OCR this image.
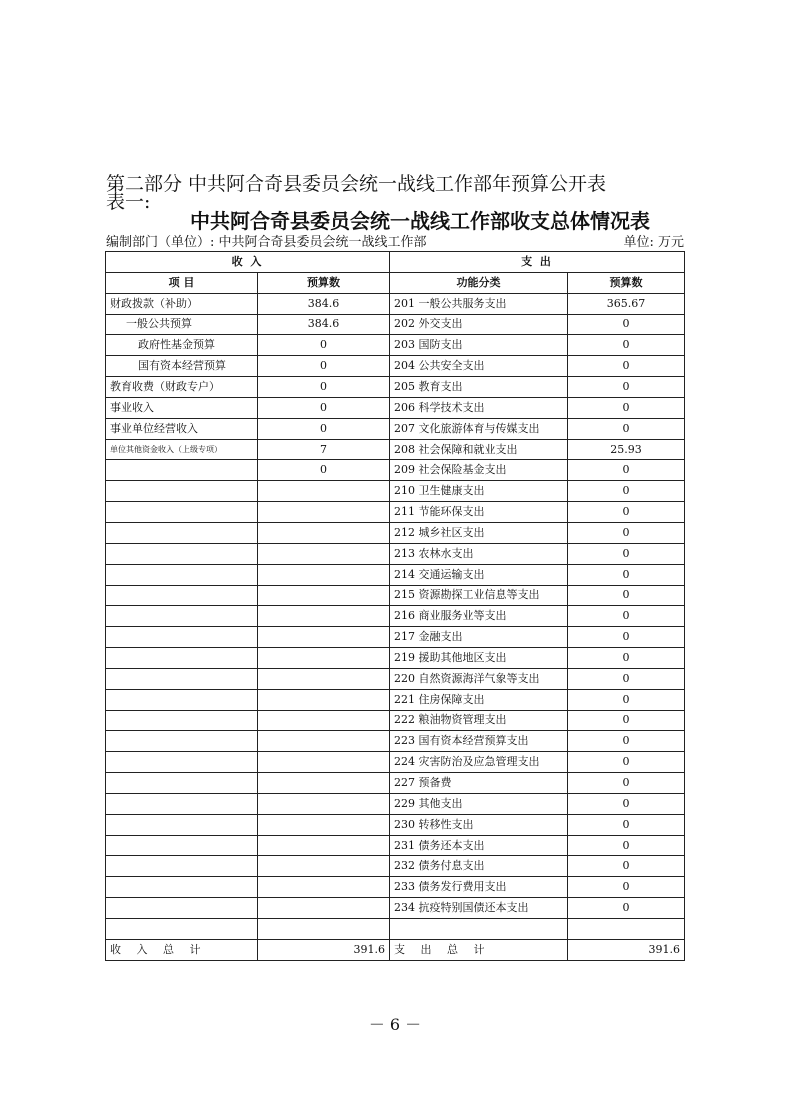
第二部分 中共阿合奇县委员会统一战线工作部年预算公开表
表一:
中共阿合奇县委员会统一战线工作部收支总体情况表
编制部门（单位）: 中共阿合奇县委员会统一战线工作部	单位: 万元
收 入		支 出	
项 目	预算数	功能分类	预算数
财政拨款（补助）	384.6	201 一般公共服务支出	365.67
一般公共预算	384.6	202 外交支出	0
政府性基金预算	0	203 国防支出	0
国有资本经营预算	0	204 公共安全支出	0
教育收费（财政专户）	0	205 教育支出	0
事业收入	0	206 科学技术支出	0
事业单位经营收入	0	207 文化旅游体育与传媒支出	0
单位其他资金收入（上级专项）	7	208 社会保障和就业支出	25.93
	0	209 社会保险基金支出	0
		210 卫生健康支出	0
		211 节能环保支出	0
		212 城乡社区支出	0
		213 农林水支出	0
		214 交通运输支出	0
		215 资源勘探工业信息等支出	0
		216 商业服务业等支出	0
		217 金融支出	0
		219 援助其他地区支出	0
		220 自然资源海洋气象等支出	0
		221 住房保障支出	0
		222 粮油物资管理支出	0
		223 国有资本经营预算支出	0
		224 灾害防治及应急管理支出	0
		227 预备费	0
		229 其他支出	0
		230 转移性支出	0
		231 债务还本支出	0
		232 债务付息支出	0
		233 债务发行费用支出	0
		234 抗疫特别国债还本支出	0

收 入 总 计	391.6	支 出 总 计	391.6
－ 6 －
